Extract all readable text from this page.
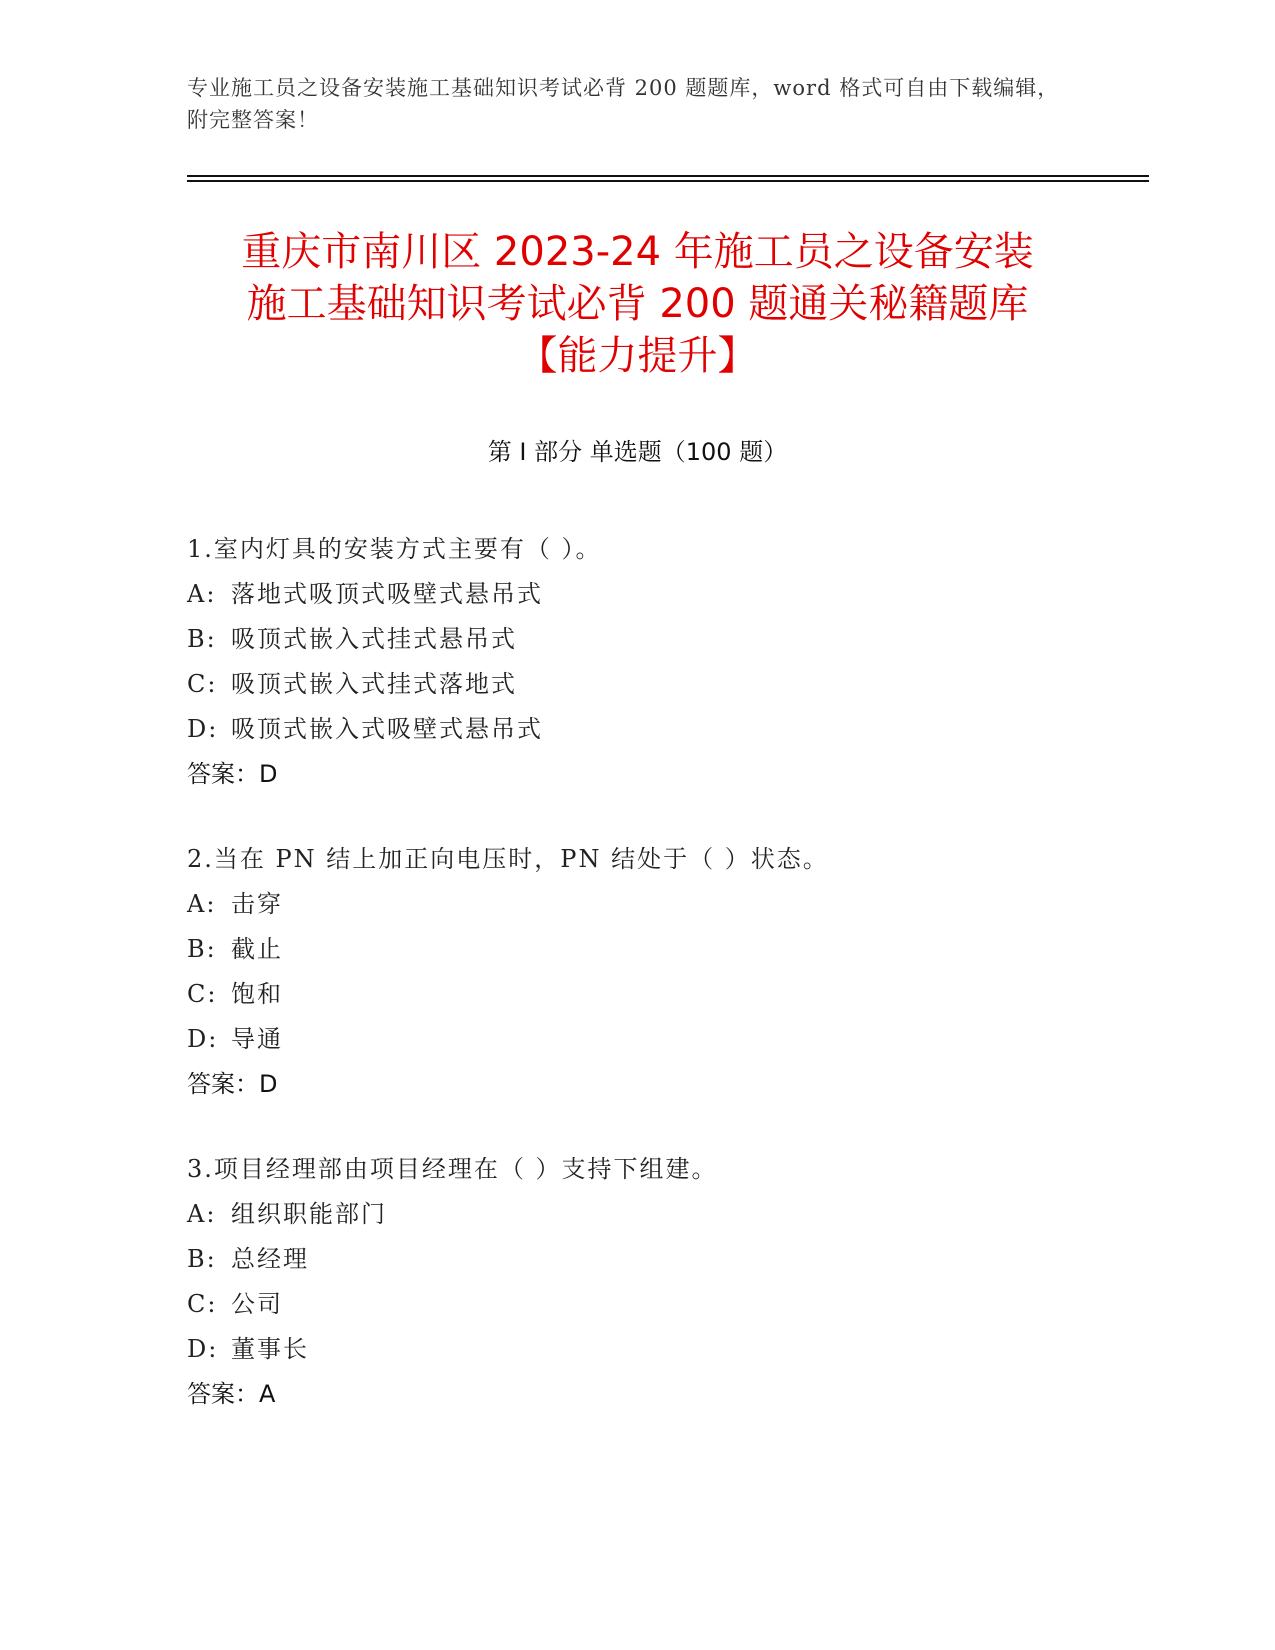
专业施工员之设备安装施工基础知识考试必背 200 题题库，word 格式可自由下载编辑，附完整答案！
重庆市南川区 2023-24 年施工员之设备安装
施工基础知识考试必背 200 题通关秘籍题库
【能力提升】
第 I 部分 单选题（100 题）
1.室内灯具的安装方式主要有（ ）。
A: 落地式吸顶式吸壁式悬吊式
B: 吸顶式嵌入式挂式悬吊式
C: 吸顶式嵌入式挂式落地式
D: 吸顶式嵌入式吸壁式悬吊式
答案：D
2.当在 PN 结上加正向电压时，PN 结处于（ ）状态。
A: 击穿
B: 截止
C: 饱和
D: 导通
答案：D
3.项目经理部由项目经理在（ ）支持下组建。
A: 组织职能部门
B: 总经理
C: 公司
D: 董事长
答案：A
